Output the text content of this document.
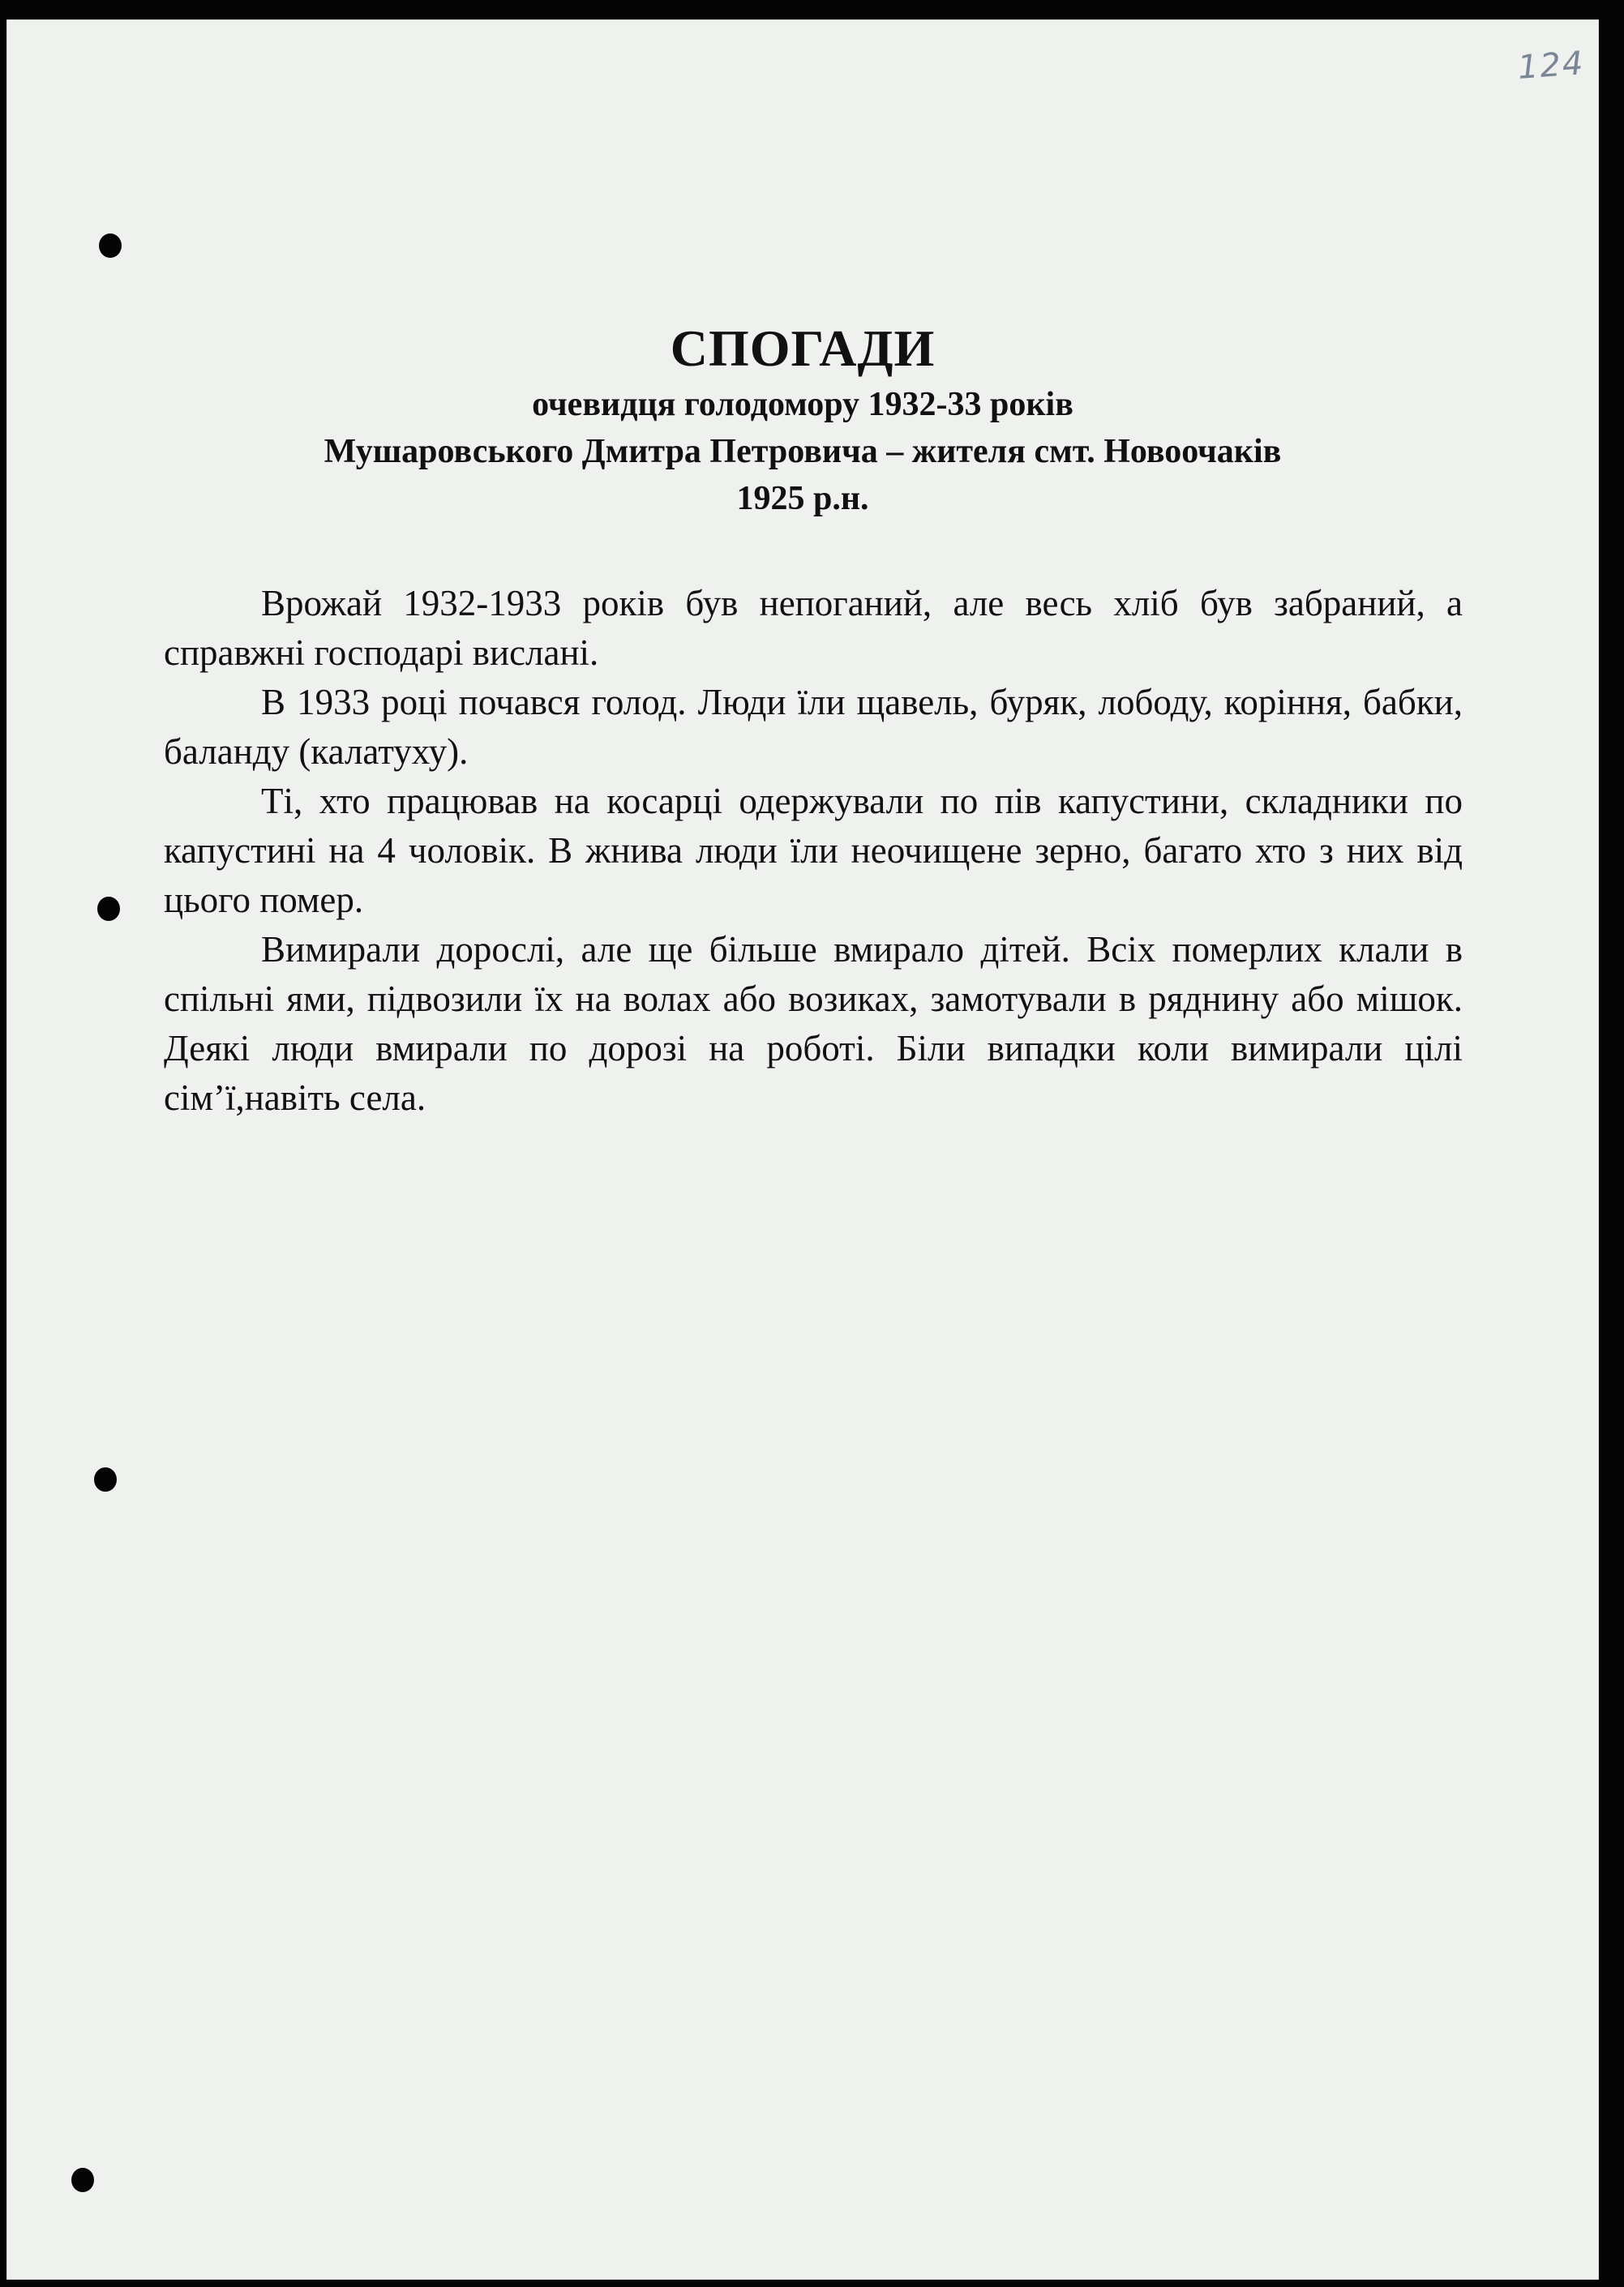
124
СПОГАДИ
очевидця голодомору 1932-33 років
Мушаровського Дмитра Петровича – жителя смт. Новоочаків
1925 р.н.

Врожай 1932-1933 років був непоганий, але весь хліб був забраний, а справжні господарі вислані.

В 1933 році почався голод. Люди їли щавель, буряк, лободу, коріння, бабки, баланду (калатуху).

Ті, хто працював на косарці одержували по пів капустини, складники по капустині на 4 чоловік. В жнива люди їли неочищене зерно, багато хто з них від цього помер.

Вимирали дорослі, але ще більше вмирало дітей. Всіх померлих клали в спільні ями, підвозили їх на волах або возиках, замотували в ряднину або мішок. Деякі люди вмирали по дорозі на роботі. Біли випадки коли вимирали цілі сім’ї,навіть села.
